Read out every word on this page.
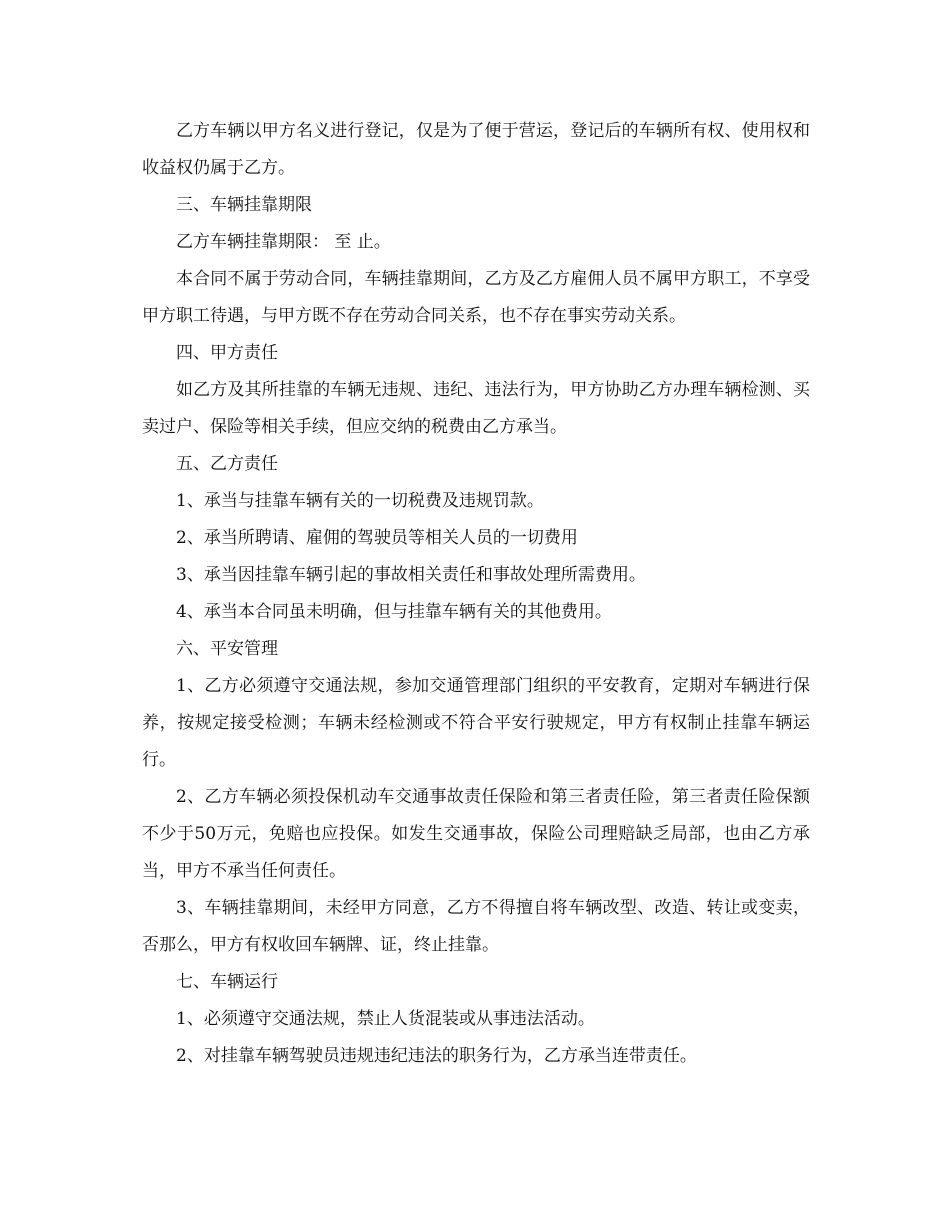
乙方车辆以甲方名义进行登记，仅是为了便于营运，登记后的车辆所有权、使用权和收益权仍属于乙方。

三、车辆挂靠期限

乙方车辆挂靠期限： 至 止。

本合同不属于劳动合同，车辆挂靠期间，乙方及乙方雇佣人员不属甲方职工，不享受甲方职工待遇，与甲方既不存在劳动合同关系，也不存在事实劳动关系。

四、甲方责任

如乙方及其所挂靠的车辆无违规、违纪、违法行为，甲方协助乙方办理车辆检测、买卖过户、保险等相关手续，但应交纳的税费由乙方承当。

五、乙方责任

1、承当与挂靠车辆有关的一切税费及违规罚款。

2、承当所聘请、雇佣的驾驶员等相关人员的一切费用

3、承当因挂靠车辆引起的事故相关责任和事故处理所需费用。

4、承当本合同虽未明确，但与挂靠车辆有关的其他费用。

六、平安管理

1、乙方必须遵守交通法规，参加交通管理部门组织的平安教育，定期对车辆进行保养，按规定接受检测；车辆未经检测或不符合平安行驶规定，甲方有权制止挂靠车辆运行。

2、乙方车辆必须投保机动车交通事故责任保险和第三者责任险，第三者责任险保额不少于50万元，免赔也应投保。如发生交通事故，保险公司理赔缺乏局部，也由乙方承当，甲方不承当任何责任。

3、车辆挂靠期间，未经甲方同意，乙方不得擅自将车辆改型、改造、转让或变卖，否那么，甲方有权收回车辆牌、证，终止挂靠。

七、车辆运行

1、必须遵守交通法规，禁止人货混装或从事违法活动。

2、对挂靠车辆驾驶员违规违纪违法的职务行为，乙方承当连带责任。
